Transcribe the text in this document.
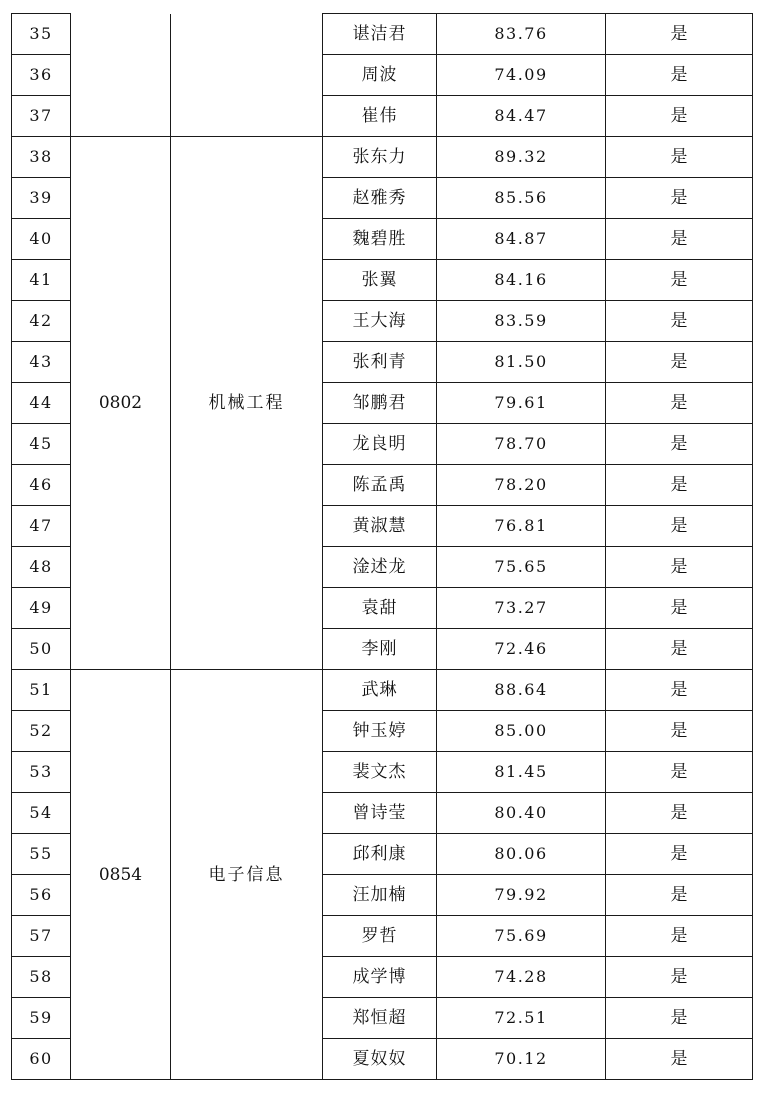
35			谌洁君	83.76	是
36			周波	74.09	是
37			崔伟	84.47	是
38	0802	机械工程	张东力	89.32	是
39			赵雅秀	85.56	是
40			魏碧胜	84.87	是
41			张翼	84.16	是
42			王大海	83.59	是
43			张利青	81.50	是
44			邹鹏君	79.61	是
45			龙良明	78.70	是
46			陈孟禹	78.20	是
47			黄淑慧	76.81	是
48			淦述龙	75.65	是
49			袁甜	73.27	是
50			李刚	72.46	是
51	0854	电子信息	武琳	88.64	是
52			钟玉婷	85.00	是
53			裴文杰	81.45	是
54			曾诗莹	80.40	是
55			邱利康	80.06	是
56			汪加楠	79.92	是
57			罗哲	75.69	是
58			成学博	74.28	是
59			郑恒超	72.51	是
60			夏奴奴	70.12	是
